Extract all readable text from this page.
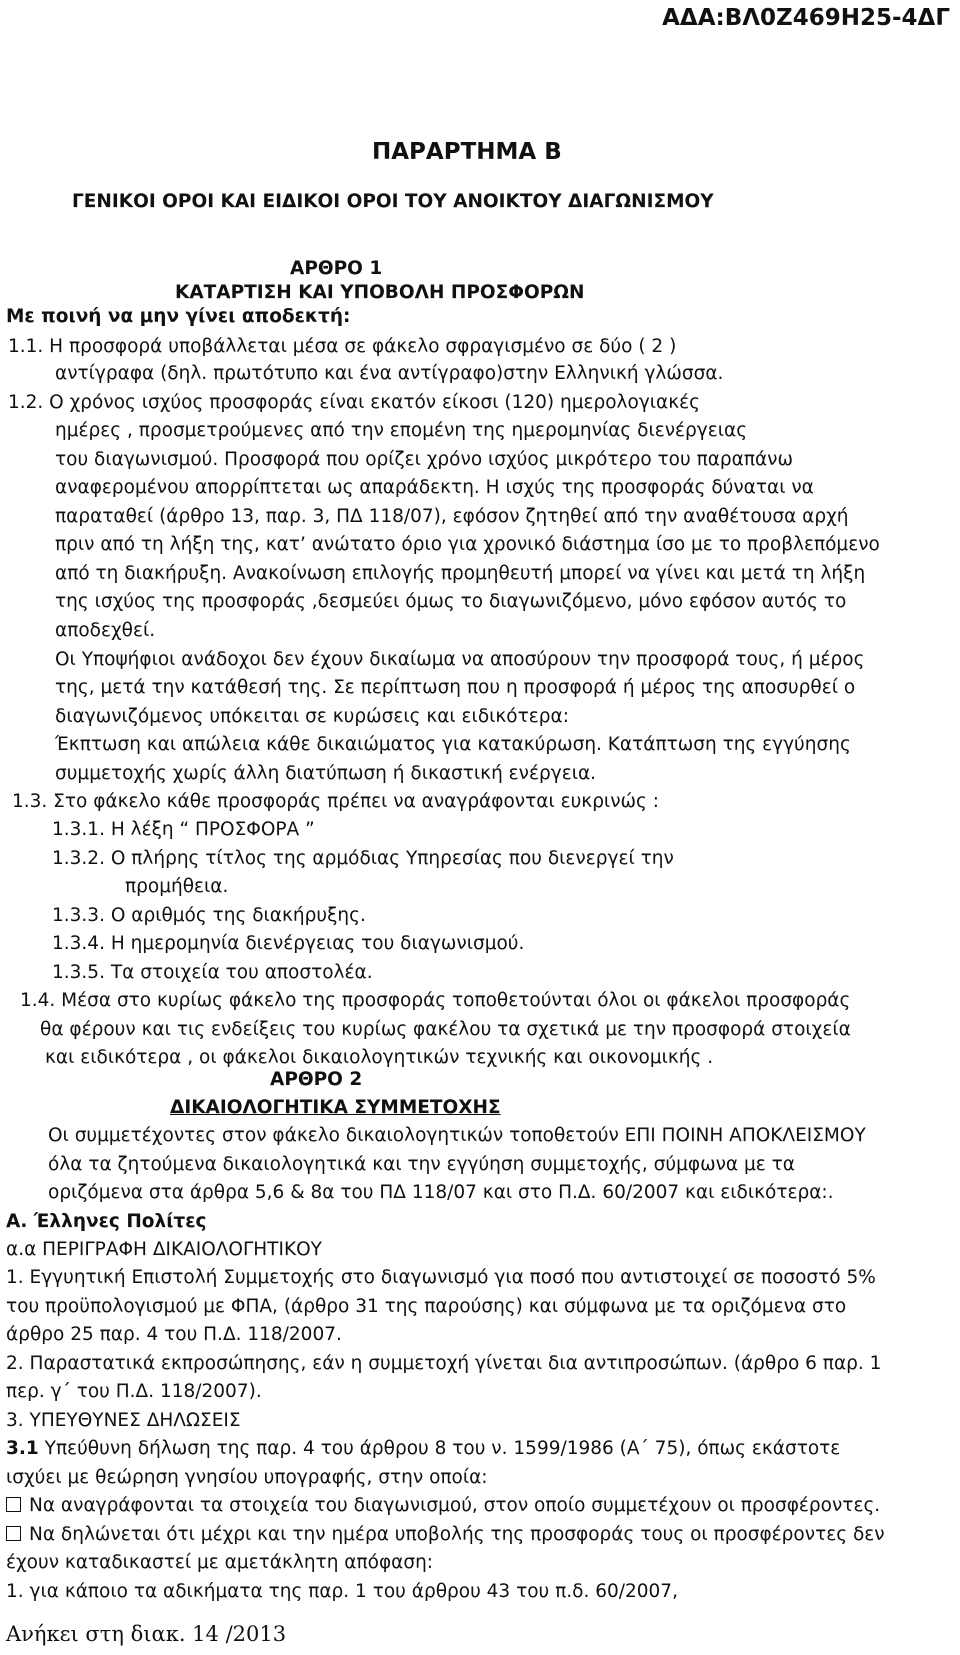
ΑΔΑ:ΒΛ0Ζ469Η25-4ΔΓ
ΠΑΡΑΡΤΗΜΑ Β
ΓΕΝΙΚΟΙ ΟΡΟΙ ΚΑΙ ΕΙΔΙΚΟΙ ΟΡΟΙ ΤΟΥ ΑΝΟΙΚΤΟΥ ΔΙΑΓΩΝΙΣΜΟΥ
ΑΡΘΡΟ 1
ΚΑΤΑΡΤΙΣΗ ΚΑΙ ΥΠΟΒΟΛΗ ΠΡΟΣΦΟΡΩΝ
Με ποινή να μην γίνει αποδεκτή:
1.1. Η προσφορά υποβάλλεται μέσα σε φάκελο σφραγισμένο σε δύο ( 2 )
αντίγραφα (δηλ. πρωτότυπο και ένα αντίγραφο)στην Ελληνική γλώσσα.
1.2. Ο χρόνος ισχύος προσφοράς είναι εκατόν είκοσι (120) ημερολογιακές
ημέρες , προσμετρούμενες από την επομένη της ημερομηνίας διενέργειας
του διαγωνισμού. Προσφορά που ορίζει χρόνο ισχύος μικρότερο του παραπάνω
αναφερομένου απορρίπτεται ως απαράδεκτη. Η ισχύς της προσφοράς δύναται να
παραταθεί (άρθρο 13, παρ. 3, ΠΔ 118/07), εφόσον ζητηθεί από την αναθέτουσα αρχή
πριν από τη λήξη της, κατ’ ανώτατο όριο για χρονικό διάστημα ίσο με το προβλεπόμενο
από τη διακήρυξη. Ανακοίνωση επιλογής προμηθευτή μπορεί να γίνει και μετά τη λήξη
της ισχύος της προσφοράς ,δεσμεύει όμως το διαγωνιζόμενο, μόνο εφόσον αυτός το
αποδεχθεί.
Οι Υποψήφιοι ανάδοχοι δεν έχουν δικαίωμα να αποσύρουν την προσφορά τους, ή μέρος
της, μετά την κατάθεσή της. Σε περίπτωση που η προσφορά ή μέρος της αποσυρθεί ο
διαγωνιζόμενος υπόκειται σε κυρώσεις και ειδικότερα:
Έκπτωση και απώλεια κάθε δικαιώματος για κατακύρωση. Κατάπτωση της εγγύησης
συμμετοχής χωρίς άλλη διατύπωση ή δικαστική ενέργεια.
1.3. Στο φάκελο κάθε προσφοράς πρέπει να αναγράφονται ευκρινώς :
1.3.1. Η λέξη “ ΠΡΟΣΦΟΡΑ ”
1.3.2. Ο πλήρης τίτλος της αρμόδιας Υπηρεσίας που διενεργεί την
προμήθεια.
1.3.3. Ο αριθμός της διακήρυξης.
1.3.4. Η ημερομηνία διενέργειας του διαγωνισμού.
1.3.5. Τα στοιχεία του αποστολέα.
1.4. Μέσα στο κυρίως φάκελο της προσφοράς τοποθετούνται όλοι οι φάκελοι προσφοράς
θα φέρουν και τις ενδείξεις του κυρίως φακέλου τα σχετικά με την προσφορά στοιχεία
και ειδικότερα , οι φάκελοι δικαιολογητικών τεχνικής και οικονομικής .
ΑΡΘΡΟ 2
ΔΙΚΑΙΟΛΟΓΗΤΙΚΑ ΣΥΜΜΕΤΟΧΗΣ
Οι συμμετέχοντες στον φάκελο δικαιολογητικών τοποθετούν ΕΠΙ ΠΟΙΝΗ ΑΠΟΚΛΕΙΣΜΟΥ
όλα τα ζητούμενα δικαιολογητικά και την εγγύηση συμμετοχής, σύμφωνα με τα
οριζόμενα στα άρθρα 5,6 & 8α του ΠΔ 118/07 και στο Π.Δ. 60/2007 και ειδικότερα:.
Α. Έλληνες Πολίτες
α.α ΠΕΡΙΓΡΑΦΗ ΔΙΚΑΙΟΛΟΓΗΤΙΚΟΥ
1. Εγγυητική Επιστολή Συμμετοχής στο διαγωνισμό για ποσό που αντιστοιχεί σε ποσοστό 5%
του προϋπολογισμού με ΦΠΑ, (άρθρο 31 της παρούσης) και σύμφωνα με τα οριζόμενα στο
άρθρο 25 παρ. 4 του Π.Δ. 118/2007.
2. Παραστατικά εκπροσώπησης, εάν η συμμετοχή γίνεται δια αντιπροσώπων. (άρθρο 6 παρ. 1
περ. γ΄ του Π.Δ. 118/2007).
3. ΥΠΕΥΘΥΝΕΣ ΔΗΛΩΣΕΙΣ
3.1 Υπεύθυνη δήλωση της παρ. 4 του άρθρου 8 του ν. 1599/1986 (Α΄ 75), όπως εκάστοτε
ισχύει με θεώρηση γνησίου υπογραφής, στην οποία:
Να αναγράφονται τα στοιχεία του διαγωνισμού, στον οποίο συμμετέχουν οι προσφέροντες.
Να δηλώνεται ότι μέχρι και την ημέρα υποβολής της προσφοράς τους οι προσφέροντες δεν
έχουν καταδικαστεί με αμετάκλητη απόφαση:
1. για κάποιο τα αδικήματα της παρ. 1 του άρθρου 43 του π.δ. 60/2007,
Ανήκει στη διακ. 14 /2013
